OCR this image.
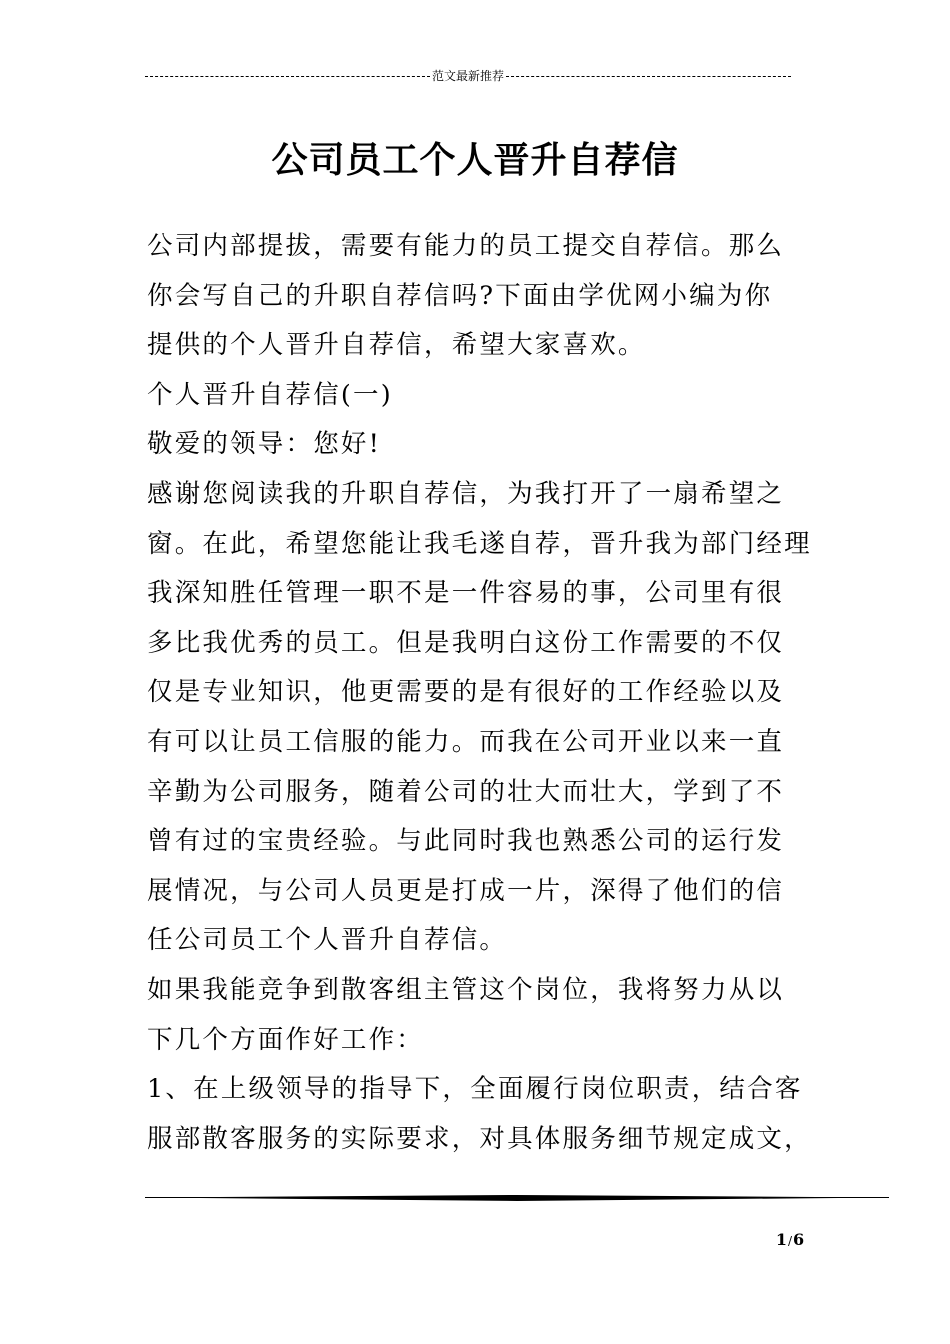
范文最新推荐
公司员工个人晋升自荐信
公司内部提拔，需要有能力的员工提交自荐信。那么
你会写自己的升职自荐信吗?下面由学优网小编为你
提供的个人晋升自荐信，希望大家喜欢。
个人晋升自荐信(一)
敬爱的领导：您好!
感谢您阅读我的升职自荐信，为我打开了一扇希望之
窗。在此，希望您能让我毛遂自荐，晋升我为部门经理
我深知胜任管理一职不是一件容易的事，公司里有很
多比我优秀的员工。但是我明白这份工作需要的不仅
仅是专业知识，他更需要的是有很好的工作经验以及
有可以让员工信服的能力。而我在公司开业以来一直
辛勤为公司服务，随着公司的壮大而壮大，学到了不
曾有过的宝贵经验。与此同时我也熟悉公司的运行发
展情况，与公司人员更是打成一片，深得了他们的信
任公司员工个人晋升自荐信。
如果我能竞争到散客组主管这个岗位，我将努力从以
下几个方面作好工作：
1、在上级领导的指导下，全面履行岗位职责，结合客
服部散客服务的实际要求，对具体服务细节规定成文，
1/6
